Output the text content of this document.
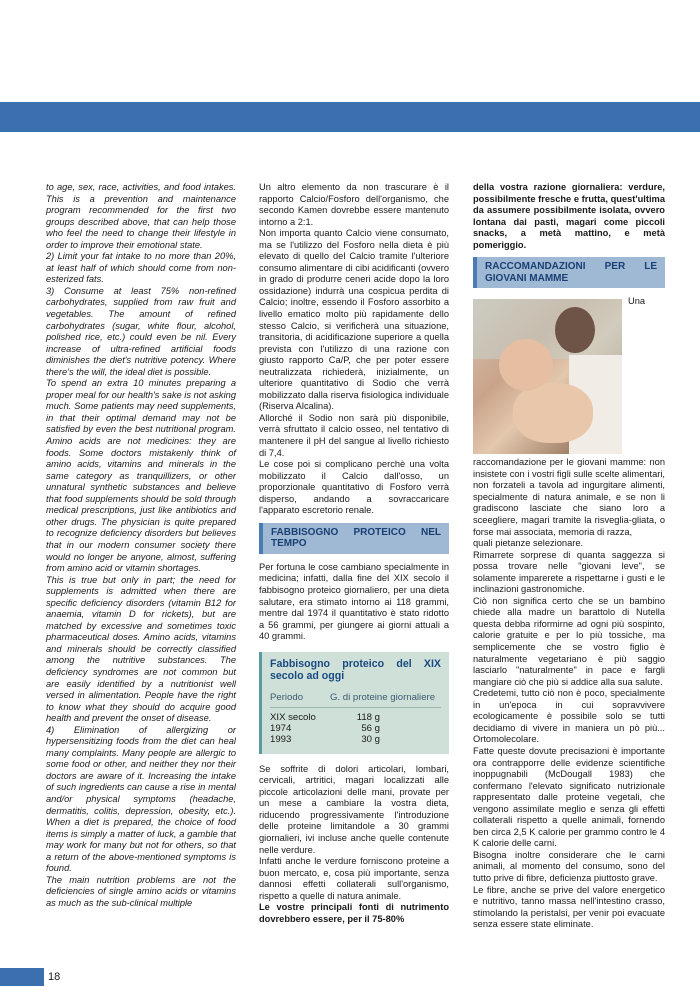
to age, sex, race, activities, and food intakes. This is a prevention and maintenance program recommended for the first two groups described above, that can help those who feel the need to change their lifestyle in order to improve their emotional state.

2) Limit your fat intake to no more than 20%, at least half of which should come from non-esterized fats.

3) Consume at least 75% non-refined carbohydrates, supplied from raw fruit and vegetables. The amount of refined carbohydrates (sugar, white flour, alcohol, polished rice, etc.) could even be nil. Every increase of ultra-refined artificial foods diminishes the diet's nutritive potency. Where there's the will, the ideal diet is possible.

To spend an extra 10 minutes preparing a proper meal for our health's sake is not asking much. Some patients may need supplements, in that their optimal demand may not be satisfied by even the best nutritional program. Amino acids are not medicines: they are foods. Some doctors mistakenly think of amino acids, vitamins and minerals in the same category as tranquillizers, or other unnatural synthetic substances and believe that food supplements should be sold through medical prescriptions, just like antibiotics and other drugs. The physician is quite prepared to recognize deficiency disorders but believes that in our modern consumer society there would no longer be anyone, almost, suffering from amino acid or vitamin shortages.

This is true but only in part; the need for supplements is admitted when there are specific deficiency disorders (vitamin B12 for anaemia, vitamin D for rickets), but are matched by excessive and sometimes toxic pharmaceutical doses. Amino acids, vitamins and minerals should be correctly classified among the nutritive substances. The deficiency syndromes are not common but are easily identified by a nutritionist well versed in alimentation. People have the right to know what they should do acquire good health and prevent the onset of disease.

4) Elimination of allergizing or hypersensitizing foods from the diet can heal many complaints. Many people are allergic to some food or other, and neither they nor their doctors are aware of it. Increasing the intake of such ingredients can cause a rise in mental and/or physical symptoms (headache, dermatitis, colitis, depression, obesity, etc.). When a diet is prepared, the choice of food items is simply a matter of luck, a gamble that may work for many but not for others, so that a return of the above-mentioned symptoms is found.

The main nutrition problems are not the deficiencies of single amino acids or vitamins as much as the sub-clinical multiple

Un altro elemento da non trascurare è il rapporto Calcio/Fosforo dell'organismo, che secondo Kamen dovrebbe essere mantenuto intorno a 2:1.

Non importa quanto Calcio viene consumato, ma se l'utilizzo del Fosforo nella dieta è più elevato di quello del Calcio tramite l'ulteriore consumo alimentare di cibi acidificanti (ovvero in grado di produrre ceneri acide dopo la loro ossidazione) indurrà una cospicua perdita di Calcio; inoltre, essendo il Fosforo assorbito a livello ematico molto più rapidamente dello stesso Calcio, si verificherà una situazione, transitoria, di acidificazione superiore a quella prevista con l'utilizzo di una razione con giusto rapporto Ca/P, che per poter essere neutralizzata richiederà, inizialmente, un ulteriore quantitativo di Sodio che verrà mobilizzato dalla riserva fisiologica individuale (Riserva Alcalina).

Allorché il Sodio non sarà più disponibile, verrà sfruttato il calcio osseo, nel tentativo di mantenere il pH del sangue al livello richiesto di 7,4.

Le cose poi si complicano perchè una volta mobilizzato il Calcio dall'osso, un proporzionale quantitativo di Fosforo verrà disperso, andando a sovraccaricare l'apparato escretorio renale.

FABBISOGNO PROTEICO NEL TEMPO

Per fortuna le cose cambiano specialmente in medicina; infatti, dalla fine del XIX secolo il fabbisogno proteico giornaliero, per una dieta salutare, era stimato intorno ai 118 grammi, mentre dal 1974 il quantitativo è stato ridotto a 56 grammi, per giungere ai giorni attuali a 40 grammi.

Fabbisogno proteico del XIX secolo ad oggi
Periodo	G. di proteine giornaliere
XIX secolo	118 g
1974	56 g
1993	30 g

Se soffrite di dolori articolari, lombari, cervicali, artritici, magari localizzati alle piccole articolazioni delle mani, provate per un mese a cambiare la vostra dieta, riducendo progressivamente l'introduzione delle proteine limitandole a 30 grammi giornalieri, ivi incluse anche quelle contenute nelle verdure.

Infatti anche le verdure forniscono proteine a buon mercato, e, cosa più importante, senza dannosi effetti collaterali sull'organismo, rispetto a quelle di natura animale.

Le vostre principali fonti di nutrimento dovrebbero essere, per il 75-80%

della vostra razione giornaliera: verdure, possibilmente fresche e frutta, quest'ultima da assumere possibilmente isolata, ovvero lontana dai pasti, magari come piccoli snacks, a metà mattino, e metà pomeriggio.

RACCOMANDAZIONI PER LE GIOVANI MAMME

Una raccomandazione per le giovani mamme: non insistete con i vostri figli sulle scelte alimentari, non forzateli a tavola ad ingurgitare alimenti, specialmente di natura animale, e se non li gradiscono lasciate che siano loro a sceegliere, magari tramite la risveglia-gliata, o forse mai associata, memoria di razza,

quali pietanze selezionare.

Rimarrete sorprese di quanta saggezza si possa trovare nelle "giovani leve", se solamente imparerete a rispettarne i gusti e le inclinazioni gastronomiche.

Ciò non significa certo che se un bambino chiede alla madre un barattolo di Nutella questa debba riformirne ad ogni più sospinto, calorie gratuite e per lo più tossiche, ma semplicemente che se vostro figlio è naturalmente vegetariano è più saggio lasciarlo "naturalmente" in pace e fargli mangiare ciò che più si addice alla sua salute.

Credetemi, tutto ciò non è poco, specialmente in un'epoca in cui sopravvivere ecologicamente è possibile solo se tutti decidiamo di vivere in maniera un pò più... Ortomolecolare.

Fatte queste dovute precisazioni è importante ora contrapporre delle evidenze scientifiche inoppugnabili (McDougall 1983) che confermano l'elevato significato nutrizionale rappresentato dalle proteine vegetali, che vengono assimilate meglio e senza gli effetti collaterali rispetto a quelle animali, fornendo ben circa 2,5 K calorie per grammo contro le 4 K calorie delle carni.

Bisogna inoltre considerare che le carni animali, al momento del consumo, sono del tutto prive di fibre, deficienza piuttosto grave.

Le fibre, anche se prive del valore energetico e nutritivo, tanno massa nell'intestino crasso, stimolando la peristalsi, per venir poi evacuate senza essere state eliminate.

18
